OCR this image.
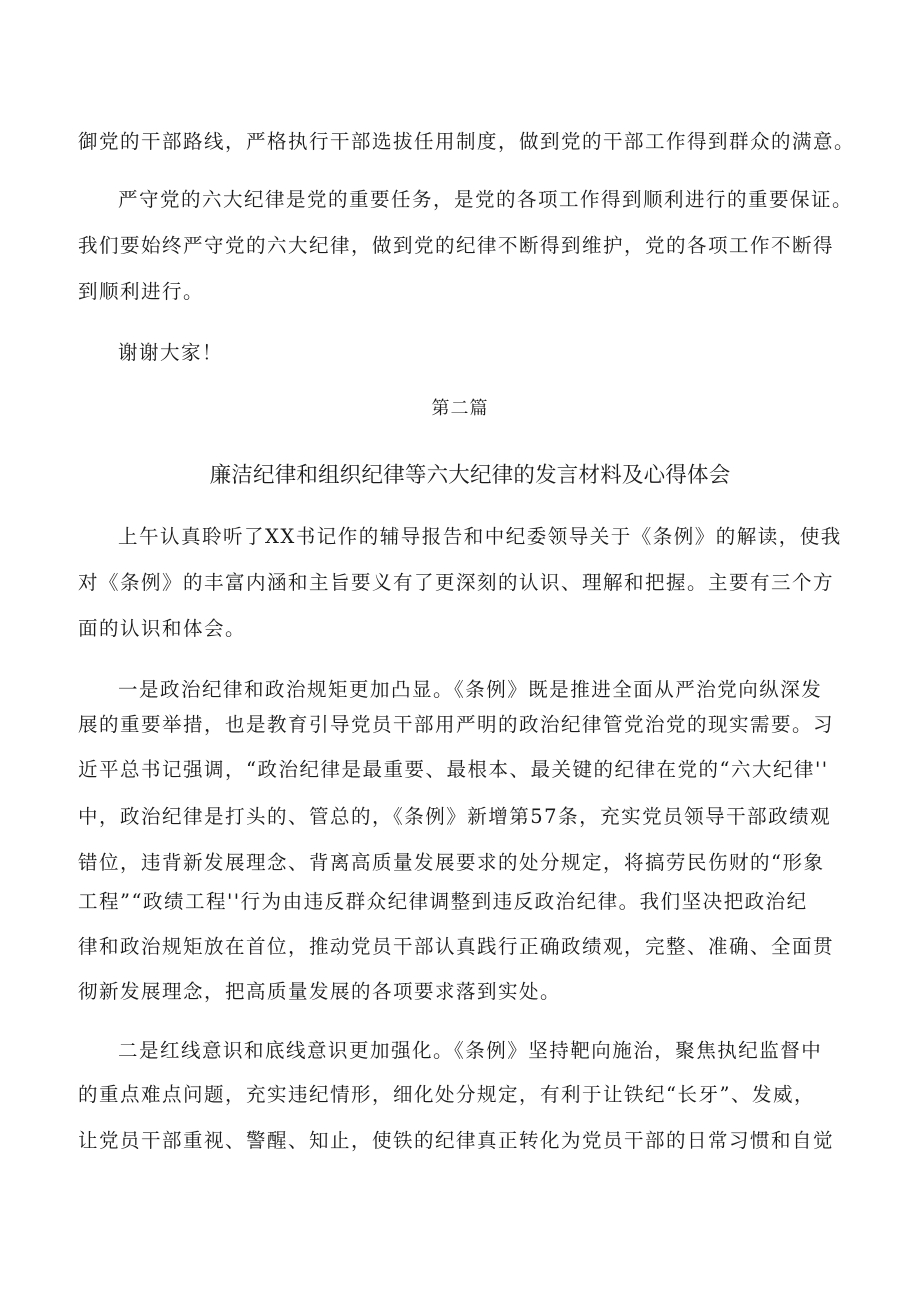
御党的干部路线，严格执行干部选拔任用制度，做到党的干部工作得到群众的满意。
严守党的六大纪律是党的重要任务，是党的各项工作得到顺利进行的重要保证。
我们要始终严守党的六大纪律，做到党的纪律不断得到维护，党的各项工作不断得
到顺利进行。
谢谢大家！
第二篇
廉洁纪律和组织纪律等六大纪律的发言材料及心得体会
上午认真聆听了XX书记作的辅导报告和中纪委领导关于《条例》的解读，使我
对《条例》的丰富内涵和主旨要义有了更深刻的认识、理解和把握。主要有三个方
面的认识和体会。
一是政治纪律和政治规矩更加凸显。《条例》既是推进全面从严治党向纵深发
展的重要举措，也是教育引导党员干部用严明的政治纪律管党治党的现实需要。习
近平总书记强调，“政治纪律是最重要、最根本、最关键的纪律在党的“六大纪律''
中，政治纪律是打头的、管总的，《条例》新增第57条，充实党员领导干部政绩观
错位，违背新发展理念、背离高质量发展要求的处分规定，将搞劳民伤财的“形象
工程”“政绩工程''行为由违反群众纪律调整到违反政治纪律。我们坚决把政治纪
律和政治规矩放在首位，推动党员干部认真践行正确政绩观，完整、准确、全面贯
彻新发展理念，把高质量发展的各项要求落到实处。
二是红线意识和底线意识更加强化。《条例》坚持靶向施治，聚焦执纪监督中
的重点难点问题，充实违纪情形，细化处分规定，有利于让铁纪“长牙”、发威，
让党员干部重视、警醒、知止，使铁的纪律真正转化为党员干部的日常习惯和自觉
